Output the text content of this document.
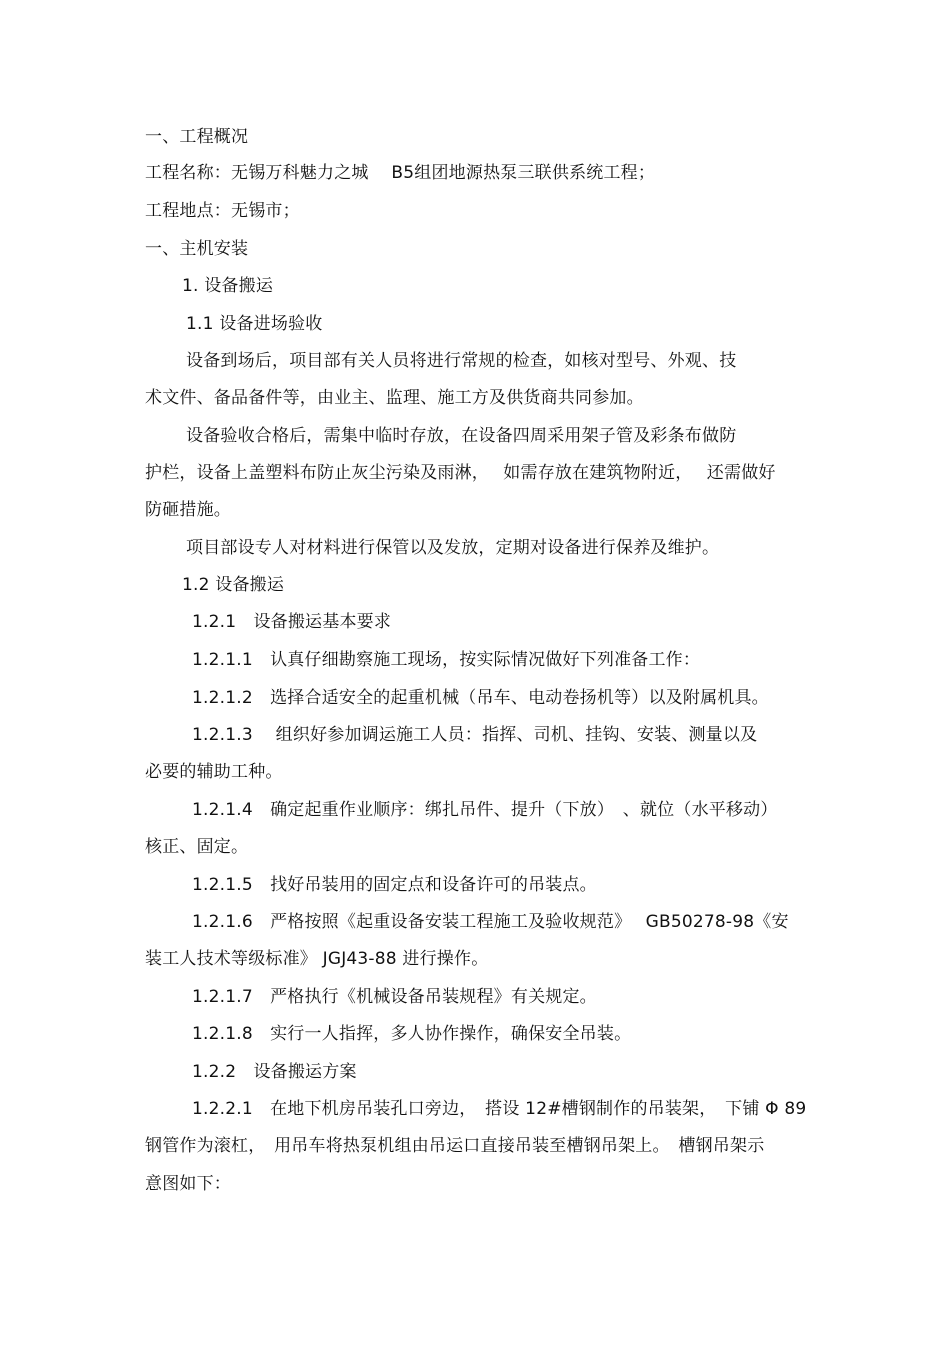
一、工程概况
工程名称：无锡万科魅力之城　 B5组团地源热泵三联供系统工程；
工程地点：无锡市；
一、主机安装
1. 设备搬运
1.1 设备进场验收
设备到场后，项目部有关人员将进行常规的检查，如核对型号、外观、技
术文件、备品备件等，由业主、监理、施工方及供货商共同参加。
设备验收合格后，需集中临时存放，在设备四周采用架子管及彩条布做防
护栏，设备上盖塑料布防止灰尘污染及雨淋，　 如需存放在建筑物附近，　 还需做好
防砸措施。
项目部设专人对材料进行保管以及发放，定期对设备进行保养及维护。
1.2 设备搬运
1.2.1　设备搬运基本要求
1.2.1.1　认真仔细勘察施工现场，按实际情况做好下列准备工作：
1.2.1.2　选择合适安全的起重机械（吊车、电动卷扬机等）以及附属机具。
1.2.1.3　 组织好参加调运施工人员：指挥、司机、挂钩、安装、测量以及
必要的辅助工种。
1.2.1.4　确定起重作业顺序：绑扎吊件、提升（下放）　、就位（水平移动）
核正、固定。
1.2.1.5　找好吊装用的固定点和设备许可的吊装点。
1.2.1.6　严格按照《起重设备安装工程施工及验收规范》　 GB50278-98《安
装工人技术等级标准》 JGJ43-88 进行操作。
1.2.1.7　严格执行《机械设备吊装规程》有关规定。
1.2.1.8　实行一人指挥，多人协作操作，确保安全吊装。
1.2.2　设备搬运方案
1.2.2.1　在地下机房吊装孔口旁边，　搭设 12#槽钢制作的吊装架，　下铺 Φ 89
钢管作为滚杠，　用吊车将热泵机组由吊运口直接吊装至槽钢吊架上。　槽钢吊架示
意图如下：
